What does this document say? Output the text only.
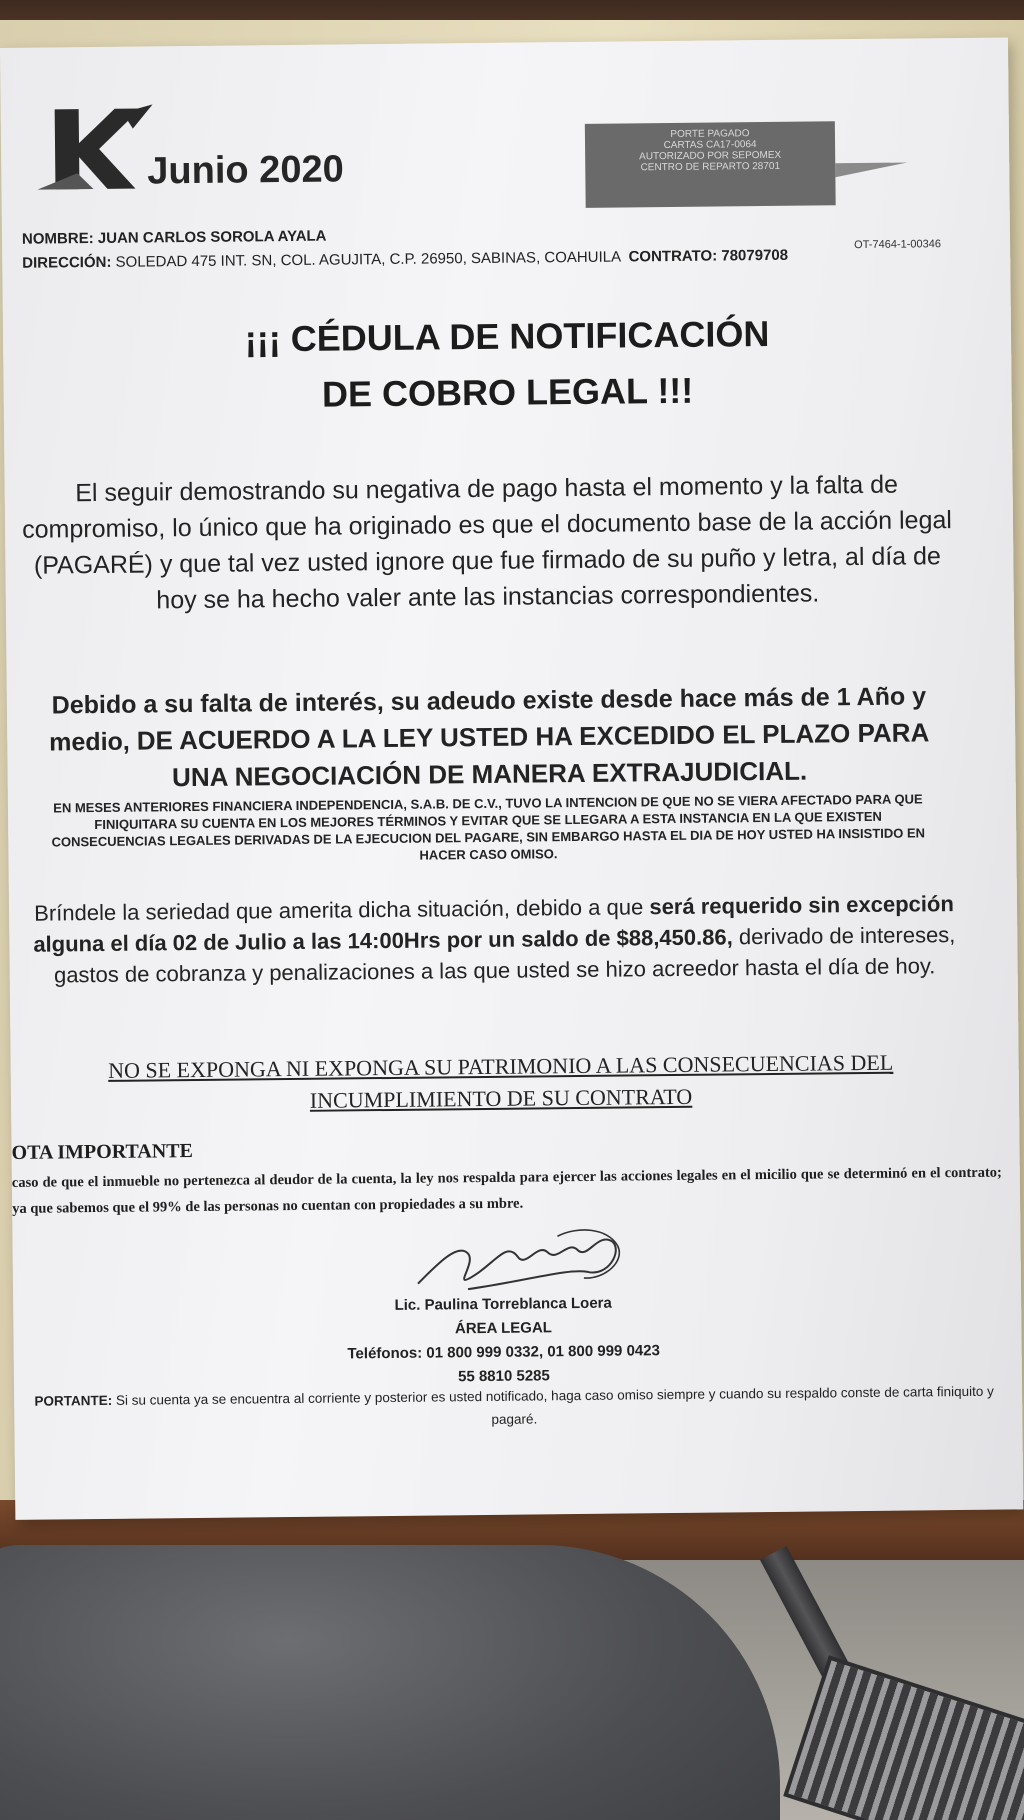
Junio 2020
PORTE PAGADO
CARTAS CA17-0064
AUTORIZADO POR SEPOMEX
CENTRO DE REPARTO 28701
OT-7464-1-00346
NOMBRE: JUAN CARLOS SOROLA AYALA
DIRECCIÓN: SOLEDAD 475 INT. SN, COL. AGUJITA, C.P. 26950, SABINAS, COAHUILA CONTRATO: 78079708
¡¡¡ CÉDULA DE NOTIFICACIÓN
DE COBRO LEGAL !!!
El seguir demostrando su negativa de pago hasta el momento y la falta de compromiso, lo único que ha originado es que el documento base de la acción legal (PAGARÉ) y que tal vez usted ignore que fue firmado de su puño y letra, al día de hoy se ha hecho valer ante las instancias correspondientes.
Debido a su falta de interés, su adeudo existe desde hace más de 1 Año y medio, DE ACUERDO A LA LEY USTED HA EXCEDIDO EL PLAZO PARA UNA NEGOCIACIÓN DE MANERA EXTRAJUDICIAL.
EN MESES ANTERIORES FINANCIERA INDEPENDENCIA, S.A.B. DE C.V., TUVO LA INTENCION DE QUE NO SE VIERA AFECTADO PARA QUE FINIQUITARA SU CUENTA EN LOS MEJORES TÉRMINOS Y EVITAR QUE SE LLEGARA A ESTA INSTANCIA EN LA QUE EXISTEN CONSECUENCIAS LEGALES DERIVADAS DE LA EJECUCION DEL PAGARE, SIN EMBARGO HASTA EL DIA DE HOY USTED HA INSISTIDO EN HACER CASO OMISO.
Bríndele la seriedad que amerita dicha situación, debido a que será requerido sin excepción alguna el día 02 de Julio a las 14:00Hrs por un saldo de $88,450.86, derivado de intereses, gastos de cobranza y penalizaciones a las que usted se hizo acreedor hasta el día de hoy.
NO SE EXPONGA NI EXPONGA SU PATRIMONIO A LAS CONSECUENCIAS DEL
INCUMPLIMIENTO DE SU CONTRATO
OTA IMPORTANTE
caso de que el inmueble no pertenezca al deudor de la cuenta, la ley nos respalda para ejercer las acciones legales en el micilio que se determinó en el contrato; ya que sabemos que el 99% de las personas no cuentan con propiedades a su mbre.
Lic. Paulina Torreblanca Loera
ÁREA LEGAL
Teléfonos: 01 800 999 0332, 01 800 999 0423
55 8810 5285
PORTANTE: Si su cuenta ya se encuentra al corriente y posterior es usted notificado, haga caso omiso siempre y cuando su respaldo conste de carta finiquito y pagaré.
